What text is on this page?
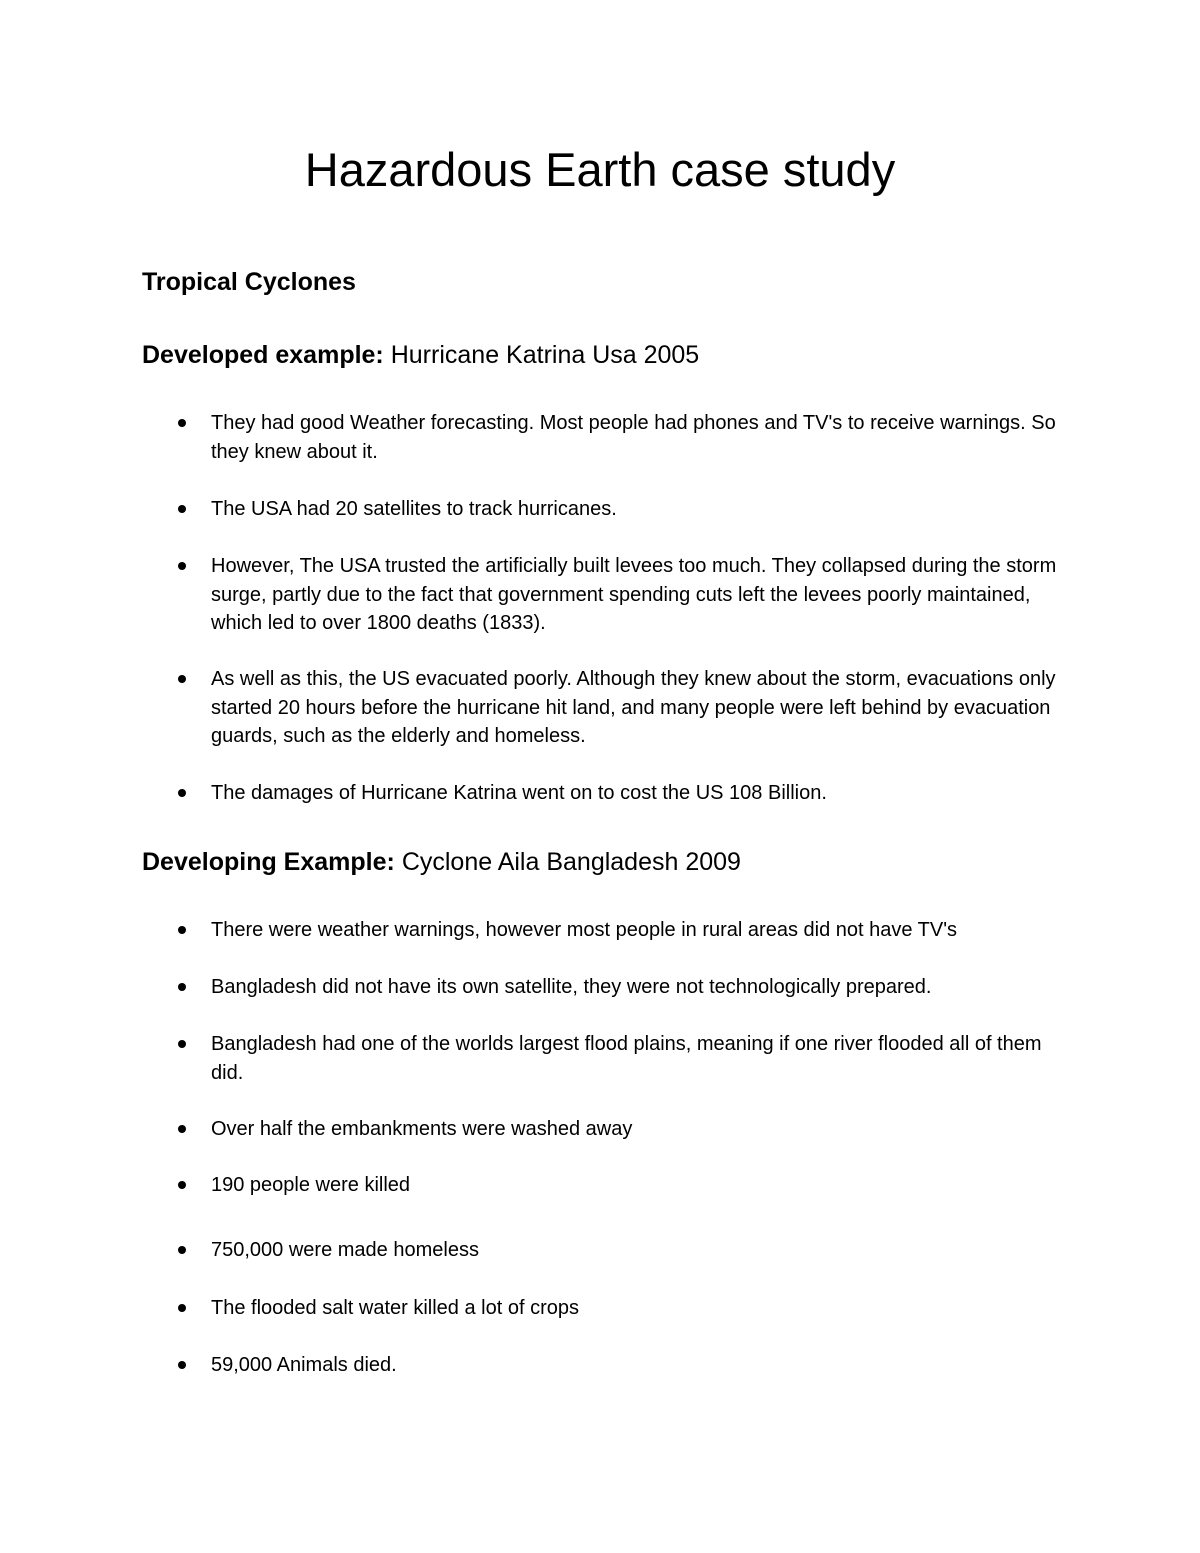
Hazardous Earth case study
Tropical Cyclones
Developed example: Hurricane Katrina Usa 2005
They had good Weather forecasting. Most people had phones and TV's to receive warnings. So they knew about it.
The USA had 20 satellites to track hurricanes.
However, The USA trusted the artificially built levees too much. They collapsed during the storm surge, partly due to the fact that government spending cuts left the levees poorly maintained, which led to over 1800 deaths (1833).
As well as this, the US evacuated poorly. Although they knew about the storm, evacuations only started 20 hours before the hurricane hit land, and many people were left behind by evacuation guards, such as the elderly and homeless.
The damages of Hurricane Katrina went on to cost the US 108 Billion.
Developing Example: Cyclone Aila Bangladesh 2009
There were weather warnings, however most people in rural areas did not have TV's
Bangladesh did not have its own satellite, they were not technologically prepared.
Bangladesh had one of the worlds largest flood plains, meaning if one river flooded all of them did.
Over half the embankments were washed away
190 people were killed
750,000 were made homeless
The flooded salt water killed a lot of crops
59,000 Animals died.
